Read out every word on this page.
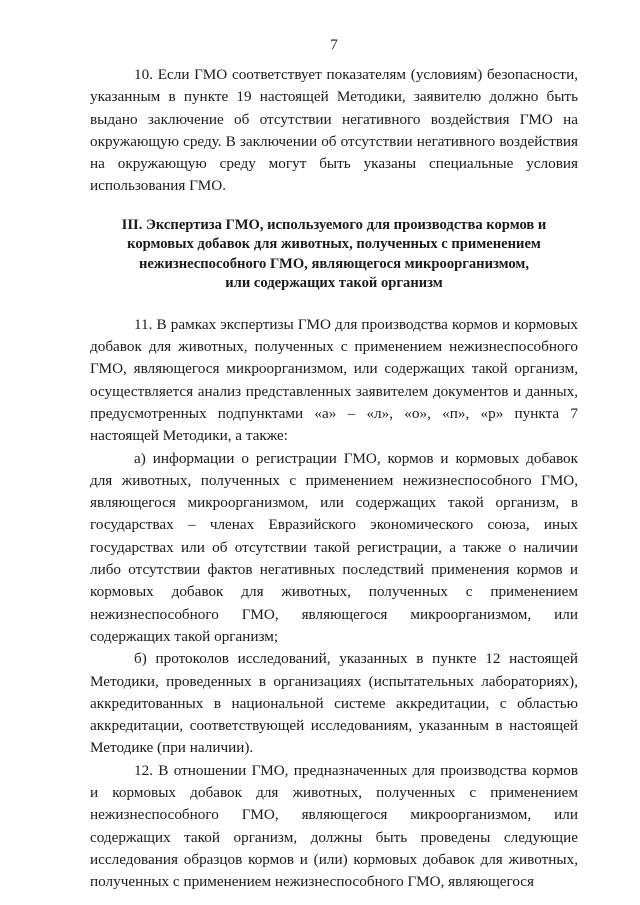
7

10. Если ГМО соответствует показателям (условиям) безопасности, указанным в пункте 19 настоящей Методики, заявителю должно быть выдано заключение об отсутствии негативного воздействия ГМО на окружающую среду. В заключении об отсутствии негативного воздействия на окружающую среду могут быть указаны специальные условия использования ГМО.

III. Экспертиза ГМО, используемого для производства кормов и
кормовых добавок для животных, полученных с применением
нежизнеспособного ГМО, являющегося микроорганизмом,
или содержащих такой организм

11. В рамках экспертизы ГМО для производства кормов и кормовых добавок для животных, полученных с применением нежизнеспособного ГМО, являющегося микроорганизмом, или содержащих такой организм, осуществляется анализ представленных заявителем документов и данных, предусмотренных подпунктами «а» – «л», «о», «п», «р» пункта 7 настоящей Методики, а также:

а) информации о регистрации ГМО, кормов и кормовых добавок для животных, полученных с применением нежизнеспособного ГМО, являющегося микроорганизмом, или содержащих такой организм, в государствах – членах Евразийского экономического союза, иных государствах или об отсутствии такой регистрации, а также о наличии либо отсутствии фактов негативных последствий применения кормов и кормовых добавок для животных, полученных с применением нежизнеспособного ГМО, являющегося микроорганизмом, или содержащих такой организм;

б) протоколов исследований, указанных в пункте 12 настоящей Методики, проведенных в организациях (испытательных лабораториях), аккредитованных в национальной системе аккредитации, с областью аккредитации, соответствующей исследованиям, указанным в настоящей Методике (при наличии).

12. В отношении ГМО, предназначенных для производства кормов и кормовых добавок для животных, полученных с применением нежизнеспособного ГМО, являющегося микроорганизмом, или содержащих такой организм, должны быть проведены следующие исследования образцов кормов и (или) кормовых добавок для животных, полученных с применением нежизнеспособного ГМО, являющегося
